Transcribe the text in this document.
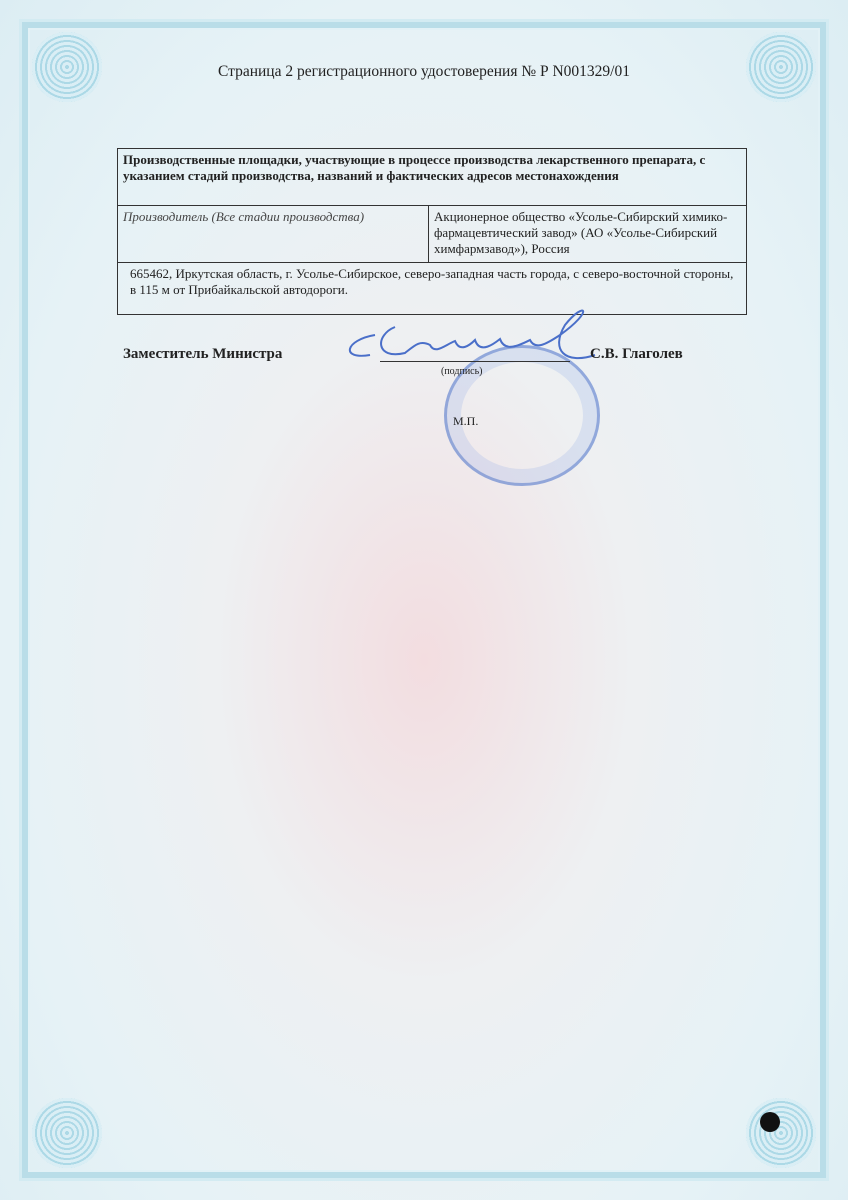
Страница 2 регистрационного удостоверения № Р N001329/01
Производственные площадки, участвующие в процессе производства лекарственного препарата, с указанием стадий производства, названий и фактических адресов местонахождения
Производитель (Все стадии производства)	Акционерное общество «Усолье-Сибирский химико-фармацевтический завод» (АО «Усолье-Сибирский химфармзавод»), Россия
665462, Иркутская область, г. Усолье-Сибирское, северо-западная часть города, с северо-восточной стороны, в 115 м от Прибайкальской автодороги.
Заместитель Министра	С.В. Глаголев
(подпись)
М.П.
